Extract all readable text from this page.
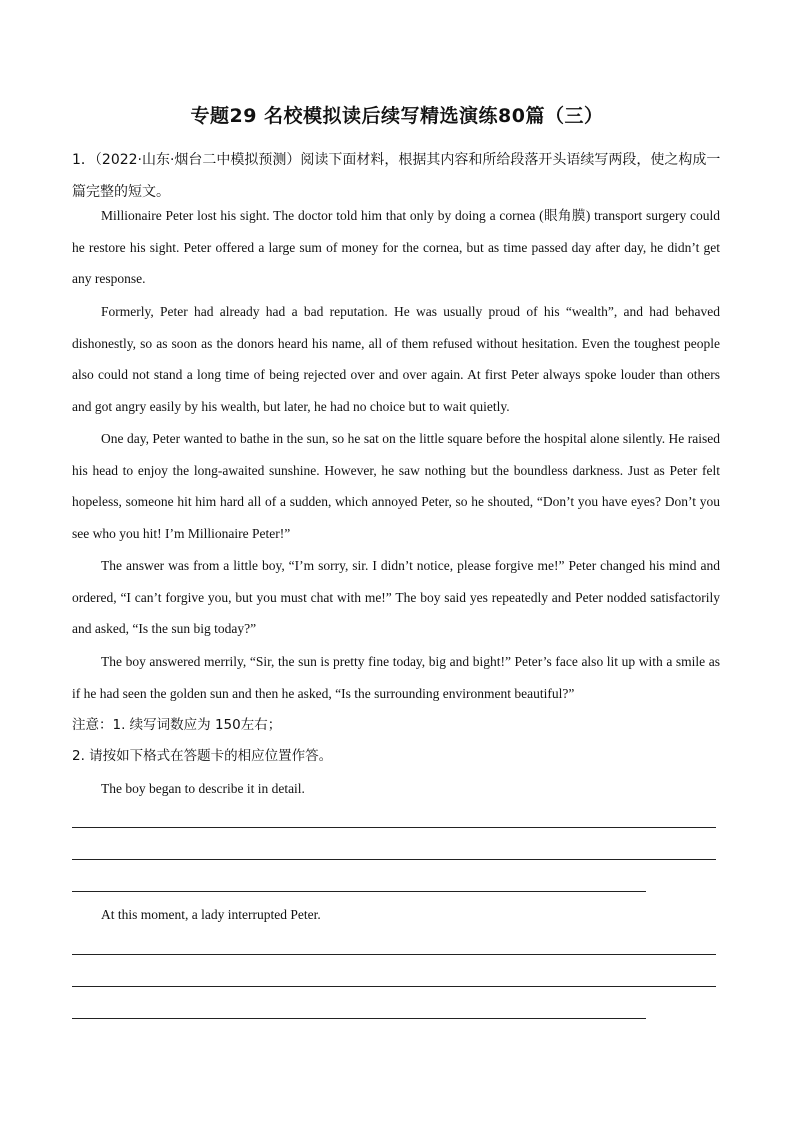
专题29 名校模拟读后续写精选演练80篇（三）
1．（2022·山东·烟台二中模拟预测）阅读下面材料，根据其内容和所给段落开头语续写两段，使之构成一篇完整的短文。
Millionaire Peter lost his sight. The doctor told him that only by doing a cornea (眼角膜) transport surgery could he restore his sight. Peter offered a large sum of money for the cornea, but as time passed day after day, he didn’t get any response.
Formerly, Peter had already had a bad reputation. He was usually proud of his “wealth”, and had behaved dishonestly, so as soon as the donors heard his name, all of them refused without hesitation. Even the toughest people also could not stand a long time of being rejected over and over again. At first Peter always spoke louder than others and got angry easily by his wealth, but later, he had no choice but to wait quietly.
One day, Peter wanted to bathe in the sun, so he sat on the little square before the hospital alone silently. He raised his head to enjoy the long-awaited sunshine. However, he saw nothing but the boundless darkness. Just as Peter felt hopeless, someone hit him hard all of a sudden, which annoyed Peter, so he shouted, “Don’t you have eyes? Don’t you see who you hit! I’m Millionaire Peter!”
The answer was from a little boy, “I’m sorry, sir. I didn’t notice, please forgive me!” Peter changed his mind and ordered, “I can’t forgive you, but you must chat with me!” The boy said yes repeatedly and Peter nodded satisfactorily and asked, “Is the sun big today?”
The boy answered merrily, “Sir, the sun is pretty fine today, big and bight!” Peter’s face also lit up with a smile as if he had seen the golden sun and then he asked, “Is the surrounding environment beautiful?”
注意：1. 续写词数应为 150左右；
2. 请按如下格式在答题卡的相应位置作答。
The boy began to describe it in detail.
At this moment, a lady interrupted Peter.
